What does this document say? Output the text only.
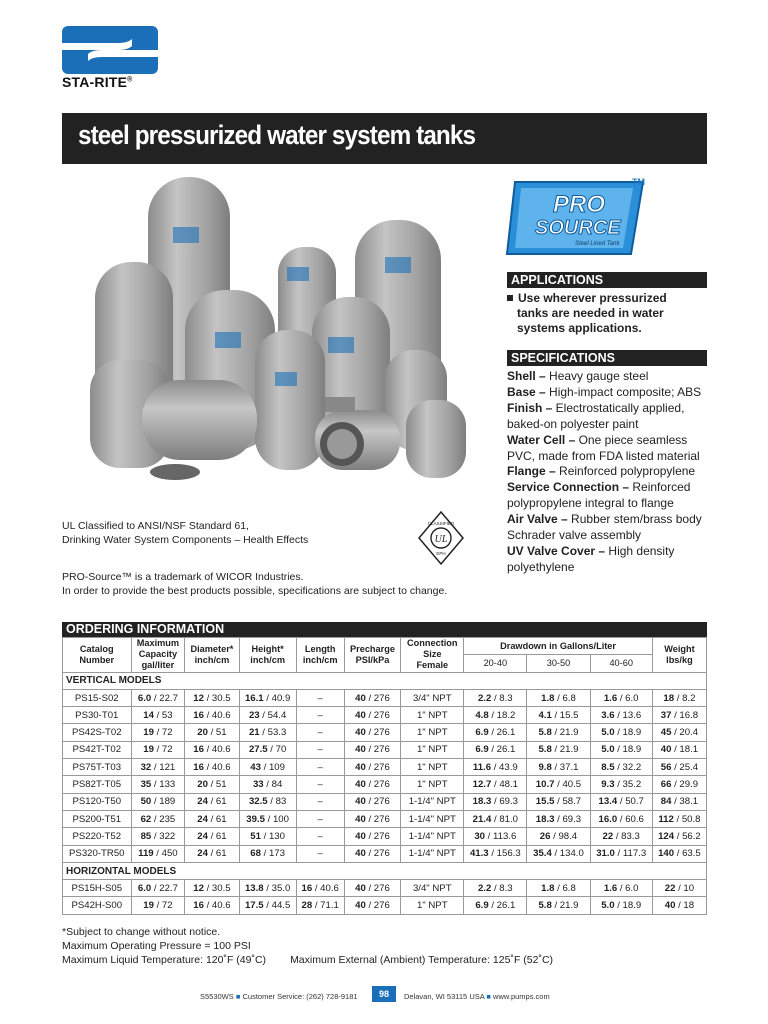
STA-RITE®
steel pressurized water system tanks
UL Classified to ANSI/NSF Standard 61,
Drinking Water System Components – Health Effects	UL
CLASSIFIED
EPH
PRO-Source™ is a trademark of WICOR Industries.
In order to provide the best products possible, specifications are subject to change.
PRO
SOURCE
Steel Lined Tank
TM
APPLICATIONS
Use wherever pressurized
tanks are needed in water
systems applications.
SPECIFICATIONS

Shell – Heavy gauge steel

Base – High-impact composite; ABS

Finish – Electrostatically applied, baked-on polyester paint

Water Cell – One piece seamless PVC, made from FDA listed material

Flange – Reinforced polypropylene

Service Connection – Reinforced polypropylene integral to flange

Air Valve – Rubber stem/brass body Schrader valve assembly

UV Valve Cover – High density polyethylene

ORDERING INFORMATION
Catalog
Number	Maximum
Capacity
gal/liter	Diameter*
inch/cm	Height*
inch/cm	Length
inch/cm	Precharge
PSI/kPa	Connection
Size
Female	Drawdown in Gallons/Liter			Weight
lbs/kg
							20-40	30-50	40-60	
VERTICAL MODELS										
PS15-S02	6.0 / 22.7	12 / 30.5	16.1 / 40.9	–	40 / 276	3/4" NPT	2.2 / 8.3	1.8 / 6.8	1.6 / 6.0	18 / 8.2
PS30-T01	14 / 53	16 / 40.6	23 / 54.4	–	40 / 276	1" NPT	4.8 / 18.2	4.1 / 15.5	3.6 / 13.6	37 / 16.8
PS42S-T02	19 / 72	20 / 51	21 / 53.3	–	40 / 276	1" NPT	6.9 / 26.1	5.8 / 21.9	5.0 / 18.9	45 / 20.4
PS42T-T02	19 / 72	16 / 40.6	27.5 / 70	–	40 / 276	1" NPT	6.9 / 26.1	5.8 / 21.9	5.0 / 18.9	40 / 18.1
PS75T-T03	32 / 121	16 / 40.6	43 / 109	–	40 / 276	1" NPT	11.6 / 43.9	9.8 / 37.1	8.5 / 32.2	56 / 25.4
PS82T-T05	35 / 133	20 / 51	33 / 84	–	40 / 276	1" NPT	12.7 / 48.1	10.7 / 40.5	9.3 / 35.2	66 / 29.9
PS120-T50	50 / 189	24 / 61	32.5 / 83	–	40 / 276	1-1/4" NPT	18.3 / 69.3	15.5 / 58.7	13.4 / 50.7	84 / 38.1
PS200-T51	62 / 235	24 / 61	39.5 / 100	–	40 / 276	1-1/4" NPT	21.4 / 81.0	18.3 / 69.3	16.0 / 60.6	112 / 50.8
PS220-T52	85 / 322	24 / 61	51 / 130	–	40 / 276	1-1/4" NPT	30 / 113.6	26 / 98.4	22 / 83.3	124 / 56.2
PS320-TR50	119 / 450	24 / 61	68 / 173	–	40 / 276	1-1/4" NPT	41.3 / 156.3	35.4 / 134.0	31.0 / 117.3	140 / 63.5
HORIZONTAL MODELS										
PS15H-S05	6.0 / 22.7	12 / 30.5	13.8 / 35.0	16 / 40.6	40 / 276	3/4" NPT	2.2 / 8.3	1.8 / 6.8	1.6 / 6.0	22 / 10
PS42H-S00	19 / 72	16 / 40.6	17.5 / 44.5	28 / 71.1	40 / 276	1" NPT	6.9 / 26.1	5.8 / 21.9	5.0 / 18.9	40 / 18
*Subject to change without notice.
Maximum Operating Pressure = 100 PSI
Maximum Liquid Temperature: 120˚F (49˚C) Maximum External (Ambient) Temperature: 125˚F (52˚C)
S5530WS ■ Customer Service: (262) 728-9181	98	Delavan, WI 53115 USA ■ www.pumps.com
